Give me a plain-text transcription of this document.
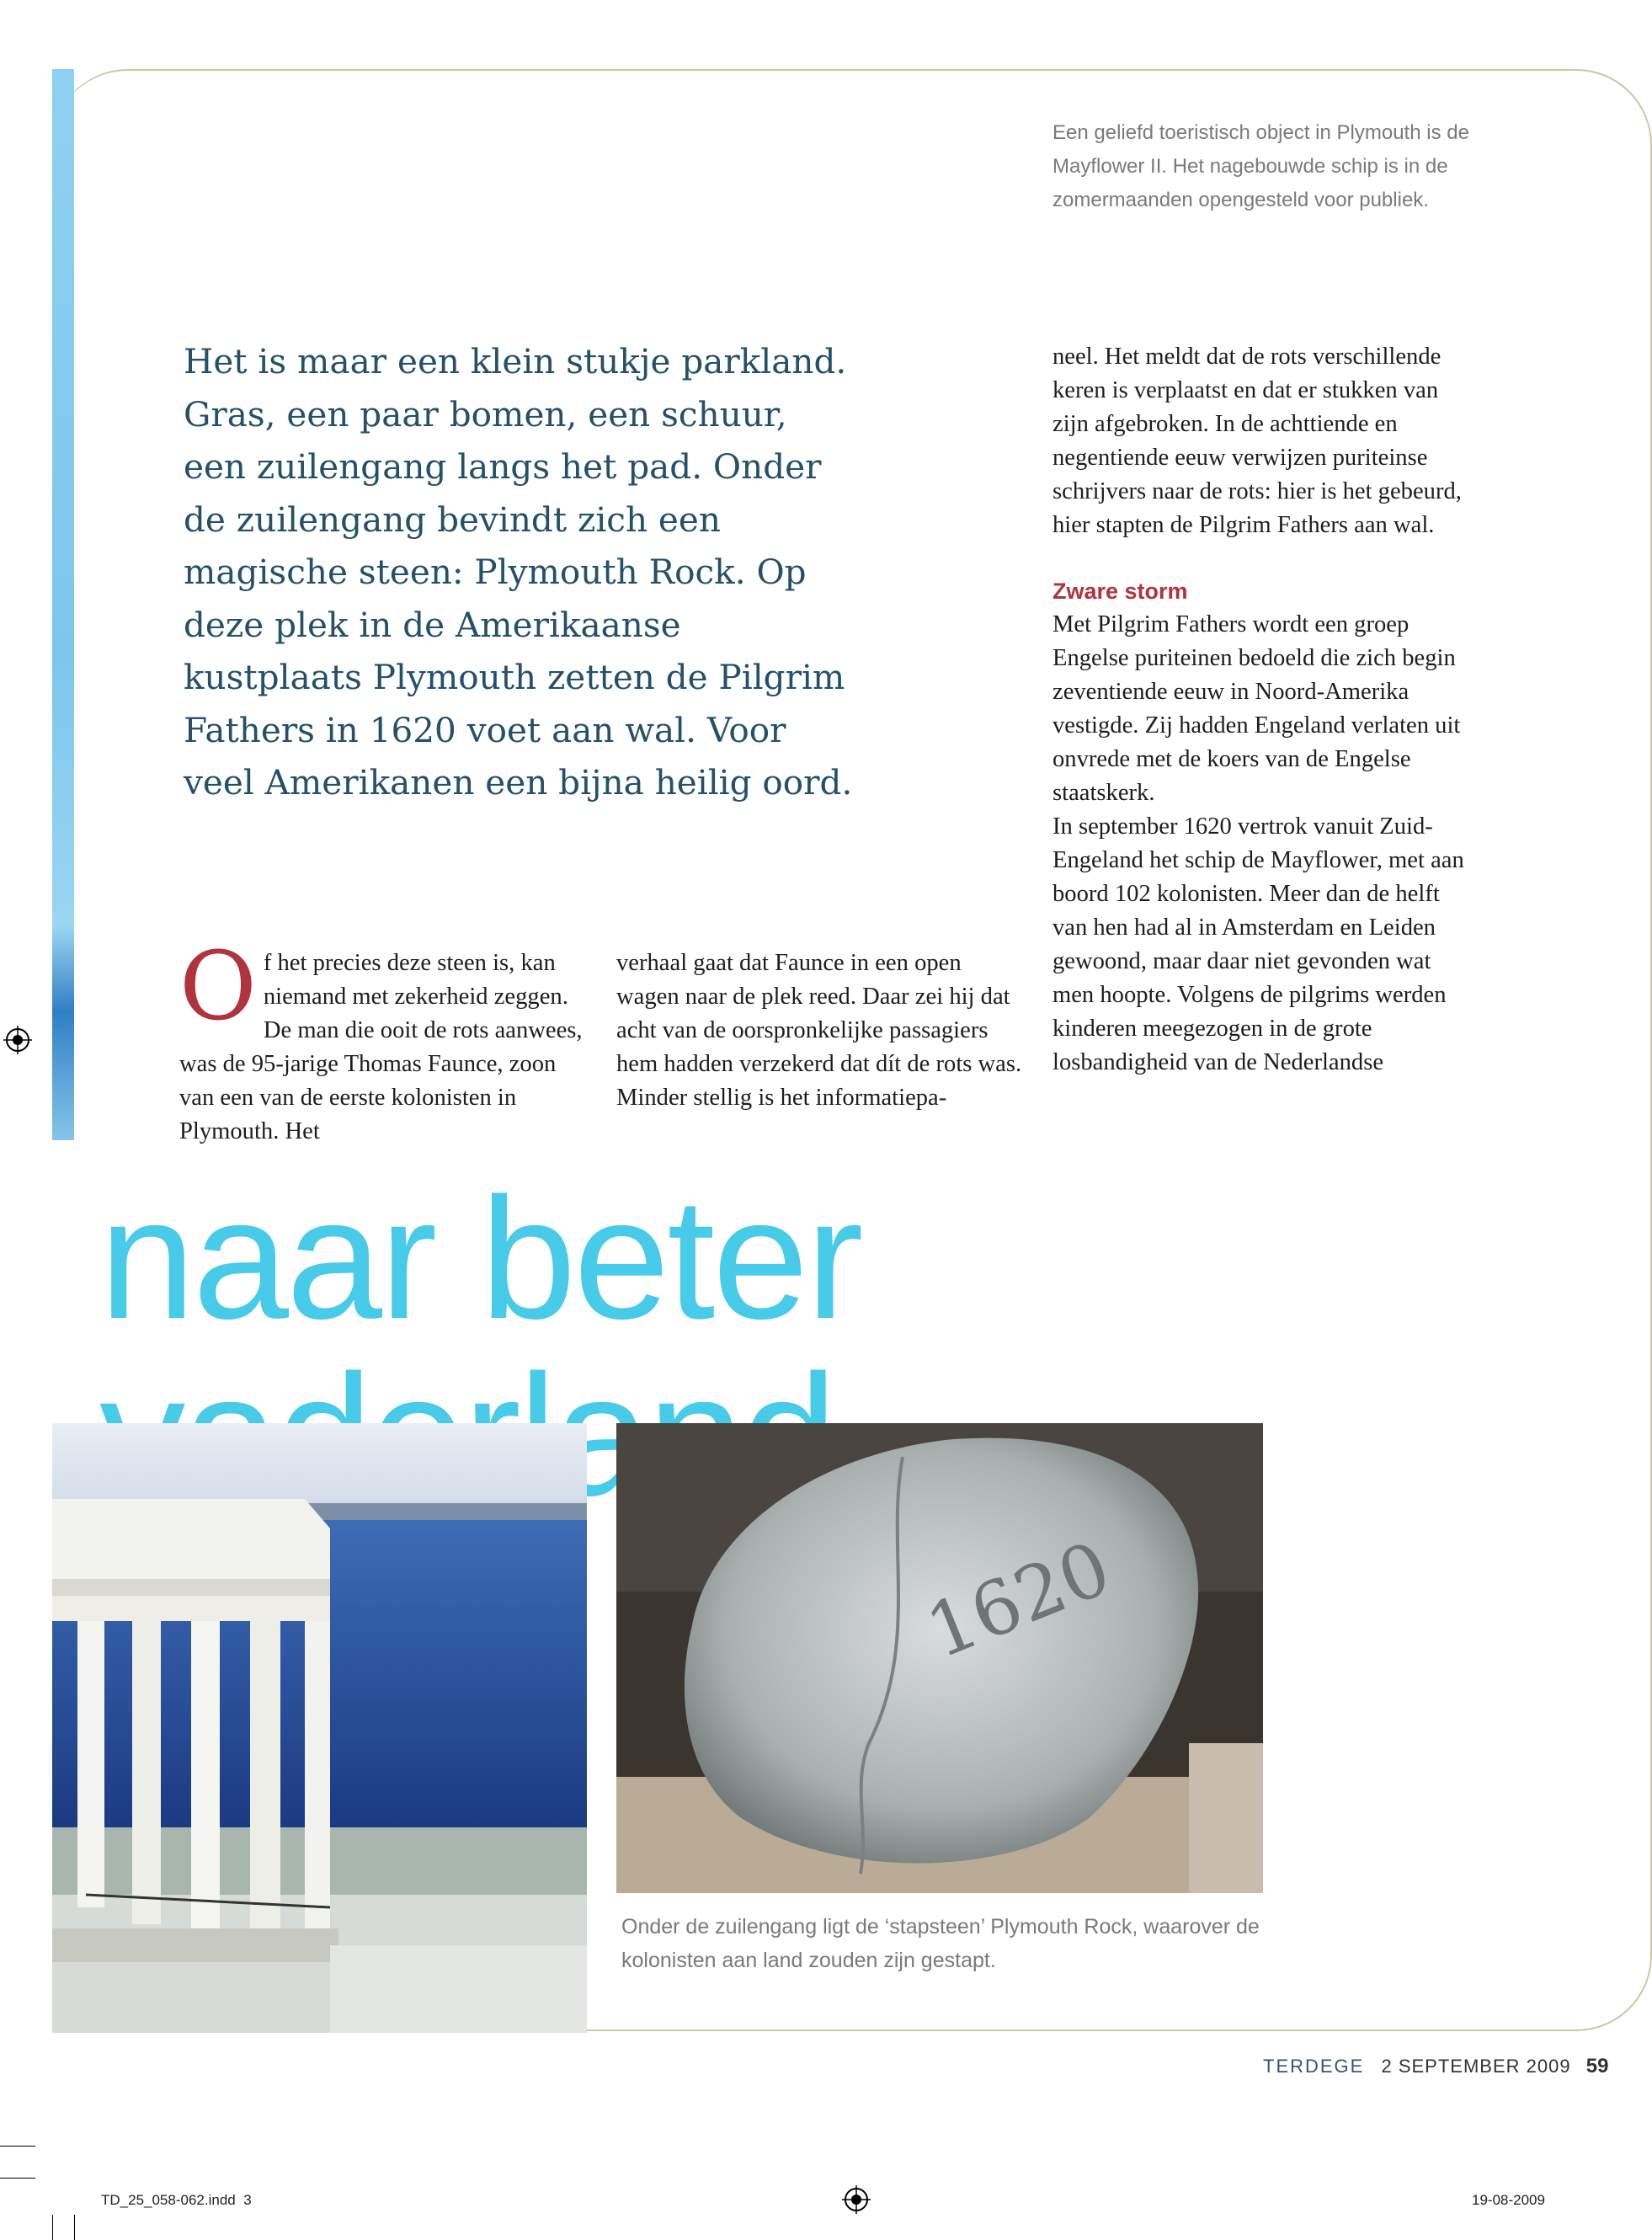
Een geliefd toeristisch object in Plymouth is de Mayflower II. Het nagebouwde schip is in de zomermaanden opengesteld voor publiek.
Het is maar een klein stukje parkland. Gras, een paar bomen, een schuur, een zuilengang langs het pad. Onder de zuilengang bevindt zich een magische steen: Plymouth Rock. Op deze plek in de Amerikaanse kustplaats Plymouth zetten de Pilgrim Fathers in 1620 voet aan wal. Voor veel Amerikanen een bijna heilig oord.
O f het precies deze steen is, kan niemand met zekerheid zeggen. De man die ooit de rots aanwees, was de 95-jarige Thomas Faunce, zoon van een van de eerste kolonisten in Plymouth. Het

verhaal gaat dat Faunce in een open wagen naar de plek reed. Daar zei hij dat acht van de oorspronkelijke passagiers hem hadden verzekerd dat dít de rots was.

Minder stellig is het informatiepa-

neel. Het meldt dat de rots verschillende keren is verplaatst en dat er stukken van zijn afgebroken. In de achttiende en negentiende eeuw verwijzen puriteinse schrijvers naar de rots: hier is het gebeurd, hier stapten de Pilgrim Fathers aan wal.

Zware storm

Met Pilgrim Fathers wordt een groep Engelse puriteinen bedoeld die zich begin zeventiende eeuw in Noord-Amerika vestigde. Zij hadden Engeland verlaten uit onvrede met de koers van de Engelse staatskerk.

In september 1620 vertrok vanuit Zuid-Engeland het schip de Mayflower, met aan boord 102 kolonisten. Meer dan de helft van hen had al in Amsterdam en Leiden gewoond, maar daar niet gevonden wat men hoopte. Volgens de pilgrims werden kinderen meegezogen in de grote losbandigheid van de Nederlandse

naar beter
1620
Onder de zuilengang ligt de ‘stapsteen’ Plymouth Rock, waarover de kolonisten aan land zouden zijn gestapt.
TERDEGE 2 SEPTEMBER 2009 59
TD_25_058-062.indd 3	19-08-2009
